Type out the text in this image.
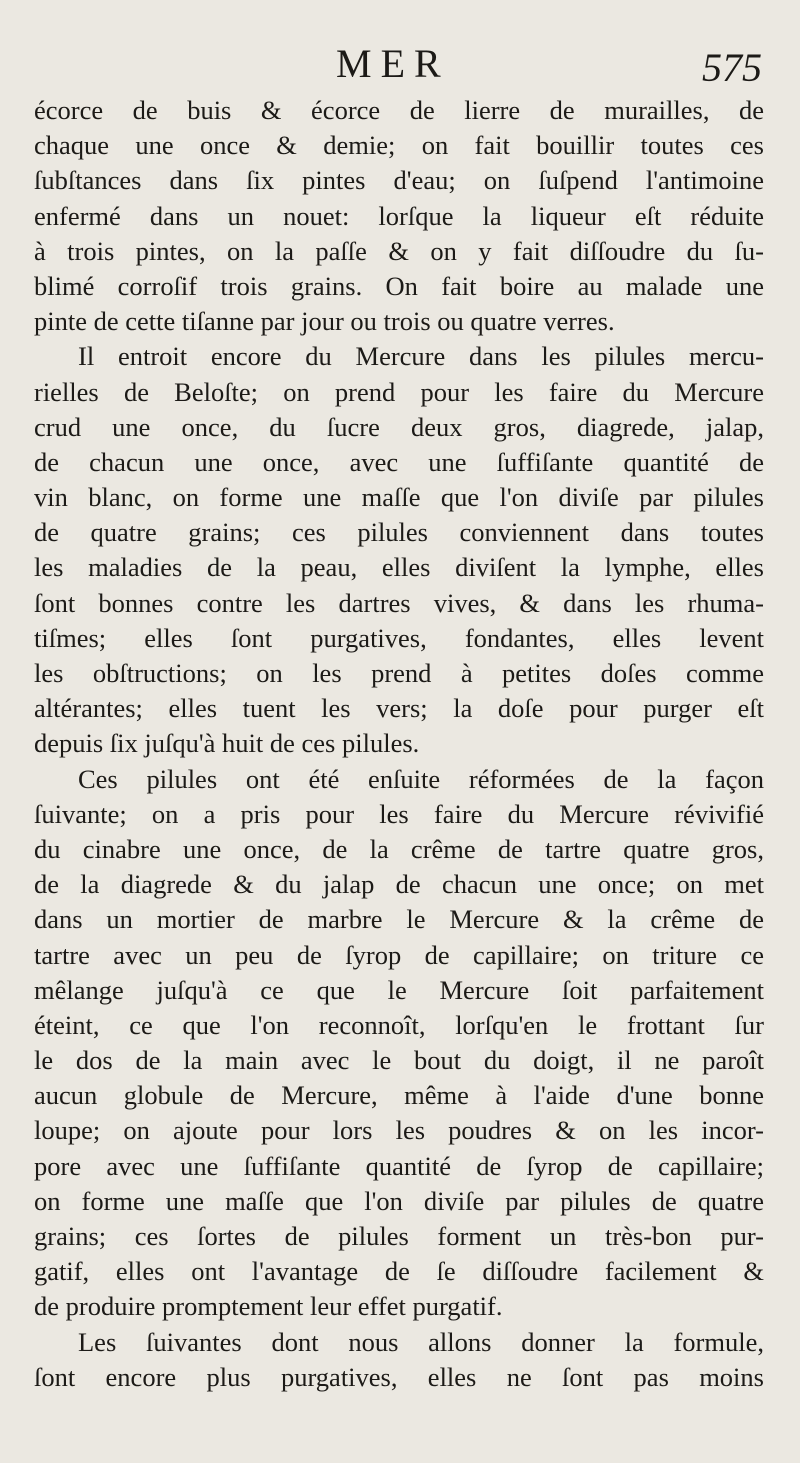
MER	575
écorce de buis & écorce de lierre de murailles, de
chaque une once & demie; on fait bouillir toutes ces
ſubſtances dans ſix pintes d'eau; on ſuſpend l'antimoine
enfermé dans un nouet: lorſque la liqueur eſt réduite
à trois pintes, on la paſſe & on y fait diſſoudre du ſu-
blimé corroſif trois grains. On fait boire au malade une
pinte de cette tiſanne par jour ou trois ou quatre verres.
Il entroit encore du Mercure dans les pilules mercu-
rielles de Beloſte; on prend pour les faire du Mercure
crud une once, du ſucre deux gros, diagrede, jalap,
de chacun une once, avec une ſuffiſante quantité de
vin blanc, on forme une maſſe que l'on diviſe par pilules
de quatre grains; ces pilules conviennent dans toutes
les maladies de la peau, elles diviſent la lymphe, elles
ſont bonnes contre les dartres vives, & dans les rhuma-
tiſmes; elles ſont purgatives, fondantes, elles levent
les obſtructions; on les prend à petites doſes comme
altérantes; elles tuent les vers; la doſe pour purger eſt
depuis ſix juſqu'à huit de ces pilules.
Ces pilules ont été enſuite réformées de la façon
ſuivante; on a pris pour les faire du Mercure révivifié
du cinabre une once, de la crême de tartre quatre gros,
de la diagrede & du jalap de chacun une once; on met
dans un mortier de marbre le Mercure & la crême de
tartre avec un peu de ſyrop de capillaire; on triture ce
mêlange juſqu'à ce que le Mercure ſoit parfaitement
éteint, ce que l'on reconnoît, lorſqu'en le frottant ſur
le dos de la main avec le bout du doigt, il ne paroît
aucun globule de Mercure, même à l'aide d'une bonne
loupe; on ajoute pour lors les poudres & on les incor-
pore avec une ſuffiſante quantité de ſyrop de capillaire;
on forme une maſſe que l'on diviſe par pilules de quatre
grains; ces ſortes de pilules forment un très-bon pur-
gatif, elles ont l'avantage de ſe diſſoudre facilement &
de produire promptement leur effet purgatif.
Les ſuivantes dont nous allons donner la formule,
ſont encore plus purgatives, elles ne ſont pas moins
